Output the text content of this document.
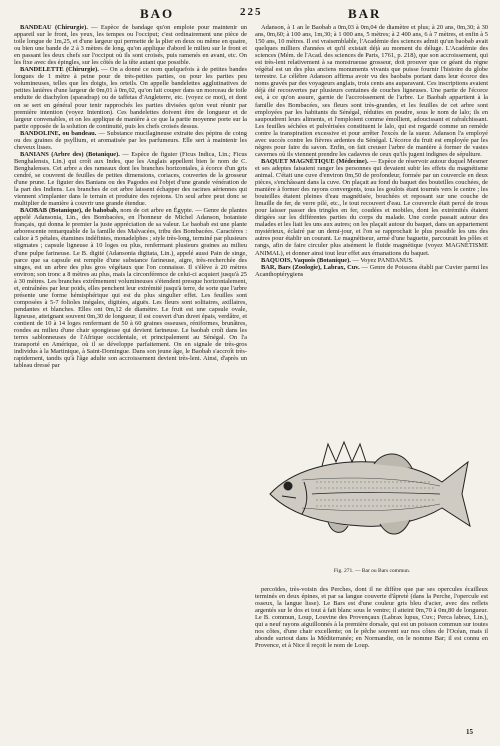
BAO	225	BAR

BANDEAU (Chirurgie). — Espèce de bandage qu'on emploie pour maintenir un appareil sur le front, les yeux, les tempes ou l'occiput; c'est ordinairement une pièce de toile longue de 1m,25, et d'une largeur qui permette de la plier en deux ou même en quatre, ou bien une bande de 2 à 3 mètres de long, qu'on applique d'abord le milieu sur le front et en passant les deux chefs sur l'occiput où ils sont croisés, puis ramenés en avant, etc. On les fixe avec des épingles, sur les côtés de la tête autant que possible.

BANDELETTE (Chirurgie). — On a donné ce nom quelquefois à de petites bandes longues de 1 mètre à peine pour de très-petites parties, ou pour les parties peu volumineuses, telles que les doigts, les orteils. On appelle bandelettes agglutinatives de petites lanières d'une largeur de 0m,01 à 0m,02, qu'on fait couper dans un morceau de toile enduite de diachylon (sparadrap) ou de taffetas d'Angleterre, etc. (voyez ce mot), et dont on se sert en général pour tenir rapprochés les parties divisées qu'on veut réunir par première intention (voyez Intention). Ces bandelettes doivent être de longueur et de largeur convenables, et on les applique de manière à ce que la partie moyenne porte sur la partie opposée de la solution de continuité, puis les chefs croisés dessus.

BANDOLINE, ou bandeau. — Substance mucilagineuse extraite des pépins de coing ou des graines de psyllium, et aromatisée par les parfumeurs. Elle sert à maintenir les cheveux lisses.

BANIANS (Arbre des) (Botanique). — Espèce de figuier (Ficus Indica, Lin.; Ficus Benghalensis, Lin.) qui croît aux Indes, que les Anglais appellent bien le nom de C. Benghalenses. Cet arbre a des rameaux dont les branches horizontales, à écorce d'un gris cendré, se couvrent de feuilles de petites dimensions, coriaces, couvertes de la grosseur d'une prune. Le figuier des Banians ou des Pagodes est l'objet d'une grande vénération de la part des Indiens. Les branches de cet arbre laissent échapper des racines aériennes qui viennent s'implanter dans le terrain et produire des rejetons. Un seul arbre peut donc se multiplier de manière à couvrir une grande étendue.

BAOBAB (Botanique), de bahobab, nom de cet arbre en Égypte. — Genre de plantes appelé Adansonia, Lin., des Bombacées, en l'honneur de Michel Adanson, botaniste français, qui donna le premier la juste appréciation de sa valeur. Le baobab est une plante arborescente remarquable de la famille des Malvacées, tribu des Bombacées. Caractères : calice à 5 pétales, étamines indéfinies, monadelphes ; style très-long, terminé par plusieurs stigmates ; capsule ligneuse à 10 loges ou plus, renfermant plusieurs graines au milieu d'une pulpe farineuse. Le B. digité (Adansonia digitata, Lin.), appelé aussi Pain de singe, parce que sa capsule est remplie d'une substance farineuse, aigre, très-recherchée des singes, est un arbre des plus gros végétaux que l'on connaisse. Il s'élève à 20 mètres environ; son tronc a 8 mètres au plus, mais la circonférence de celui-ci acquiert jusqu'à 25 à 30 mètres. Les branches extrêmement volumineuses s'étendent presque horizontalement, et, entraînées par leur poids, elles penchent leur extrémité jusqu'à terre, de sorte que l'arbre présente une forme hémisphérique qui est du plus singulier effet. Les feuilles sont composées à 5-7 folioles inégales, digitées, aiguës. Les fleurs sont solitaires, axillaires, pendantes et blanches. Elles ont 0m,12 de diamètre. Le fruit est une capsule ovale, ligneuse, atteignant souvent 0m,30 de longueur, il est couvert d'un duvet épais, verdâtre, et contient de 10 à 14 loges renfermant de 50 à 60 graines osseuses, réniformes, brunâtres, rondes au milieu d'une chair spongieuse qui devient farineuse. Le baobab croît dans les terres sablonneuses de l'Afrique occidentale, et principalement au Sénégal. On l'a transporté en Amérique, où il se développe parfaitement. On en signale de très-gros individus à la Martinique, à Saint-Domingue. Dans son jeune âge, le Baobab s'accroît très-rapidement, tandis qu'à l'âge adulte son accroissement devient très-lent. Ainsi, d'après un tableau dressé par

Adanson, à 1 an le Baobab a 0m,03 à 0m,04 de diamètre et plus; à 20 ans, 0m,30; à 30 ans, 0m,60; à 100 ans, 1m,30; à 1 000 ans, 5 mètres; à 2 400 ans, 6 à 7 mètres, et enfin à 5 150 ans, 10 mètres. Il est vraisemblable, l'Académie des sciences admit qu'un baobab avait quelques milliers d'années et qu'il existait déjà au moment du déluge. L'Académie des sciences (Mém. de l'Acad. des sciences de Paris, 1761, p. 218), que son accroissement, qui est très-lent relativement à sa monstrueuse grosseur, doit prouver que ce géant du règne végétal est un des plus anciens monuments vivants que puisse fournir l'histoire du globe terrestre. Le célèbre Adanson affirma avoir vu des baobabs portant dans leur écorce des noms gravés par des voyageurs anglais, trois cents ans auparavant. Ces inscriptions avaient déjà été recouvertes par plusieurs centaines de couches ligneuses. Une partie de l'écorce est, à ce qu'on assure, garnie de l'accroissement de l'arbre. Le Baobab appartient à la famille des Bombacées, ses fleurs sont très-grandes, et les feuilles de cet arbre sont employées par les habitants du Sénégal, réduites en poudre, sous le nom de lalo; ils en saupoudrent leurs aliments, et l'emploient comme émollient, adoucissant et rafraîchissant. Les feuilles séchées et pulvérisées constituent le lalo, qui est regardé comme un remède contre la transpiration excessive et pour arrêter l'excès de la sueur. Adanson l'a employé avec succès contre les fièvres ardentes du Sénégal. L'écorce du fruit est employée par les nègres pour faire du savon. Enfin, on fait creuser l'arbre de manière à former de vastes cavernes où ils viennent prendre les cadavres de ceux qu'ils jugent indignes de sépulture.

BAQUET MAGNÉTIQUE (Médecine). — Espèce de réservoir autour duquel Mesmer et ses adeptes faisaient ranger les personnes qui devaient subir les effets du magnétisme animal. C'était une cuve d'environ 0m,50 de profondeur, formée par un couvercle en deux pièces, s'enchâssant dans la cuve. On plaçait au fond du baquet des bouteilles couchées, de manière à former des rayons convergents, tous les goulots étant tournés vers le centre ; les bouteilles étaient pleines d'eau magnétisée, bouchées et reposant sur une couche de limaille de fer, de verre pilé, etc., le tout recouvert d'eau. Le couvercle était percé de trous pour laisser passer des tringles en fer, coudées et mobiles, dont les extrémités étaient dirigées sur les différentes parties du corps du malade. Une corde passait autour des malades et les liait les uns aux autres; on les plaçait autour du baquet, dans un appartement mystérieux, éclairé par un demi-jour, et l'on se rapprochait le plus possible les uns des autres pour établir un courant. Le magnétiseur, armé d'une baguette, parcourait les pôles et rangs, afin de faire circuler plus aisément le fluide magnétique (voyez MAGNÉTISME ANIMAL), et donner ainsi tout leur effet aux émanations du baquet.

BAQUOIS, Vaquois (Botanique). — Voyez PANDANUS.

BAR, Bars (Zoologie), Labrax, Cuv. — Genre de Poissons établi par Cuvier parmi les Acanthoptérygiens

Fig. 271. — Bar ou Bars commun.

percoïdes, très-voisin des Perches, dont il ne diffère que par ses opercules écailleux terminés en deux épines, et par sa langue couverte d'âpreté (dans la Perche, l'opercule est osseux, la langue lisse). Le Bars est d'une couleur gris bleu d'acier, avec des reflets argentés sur le dos et tout à fait blanc sous le ventre; il atteint 0m,70 à 0m,80 de longueur. Le B. commun, Loup, Louvine des Provençaux (Labrax lupus, Cuv.; Perca labrax, Lin.), qui a neuf rayons aiguillonnés à la première dorsale, qui est un poisson commun sur toutes nos côtes, d'une chair excellente; on le pêche souvent sur nos côtes de l'Océan, mais il abonde surtout dans la Méditerranée; en Normandie, on le nomme Bar; il est connu en Provence, et à Nice il reçoit le nom de Loup.

15
